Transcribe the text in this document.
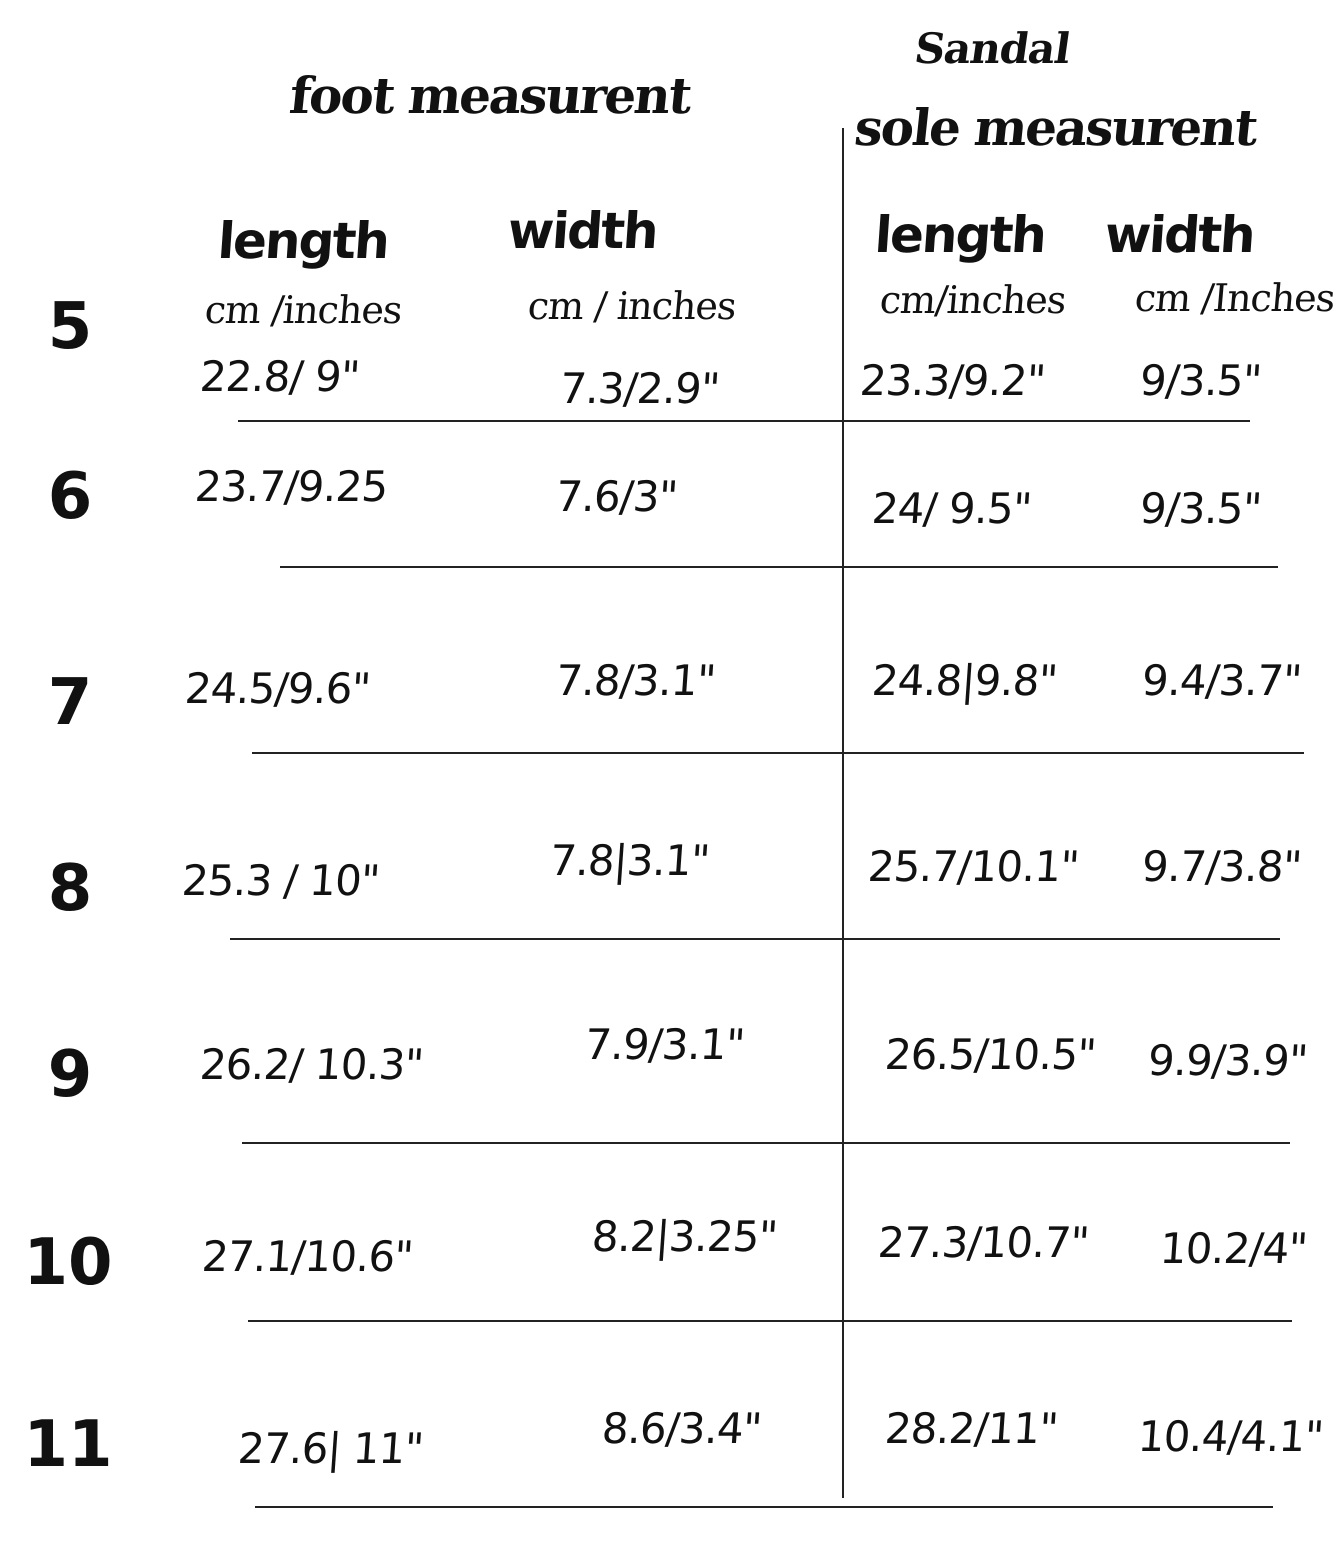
foot measurent
Sandal
sole measurent
length width	length width
cm /inches	cm / inches	cm/inches cm /Inches
5
22.8/ 9"	7.3/2.9"	23.3/9.2" 9/3.5"
6	23.7/9.25	7.6/3"	24/ 9.5"	9/3.5"
7	24.5/9.6"	7.8/3.1"	24.8|9.8" 9.4/3.7"
8	25.3 / 10"	7.8|3.1"	25.7/10.1" 9.7/3.8"
9	26.2/ 10.3"	7.9/3.1"	26.5/10.5" 9.9/3.9"
10 27.1/10.6"	8.2|3.25" 27.3/10.7" 10.2/4"
11	27.6| 11"	8.6/3.4"	28.2/11" 10.4/4.1"
